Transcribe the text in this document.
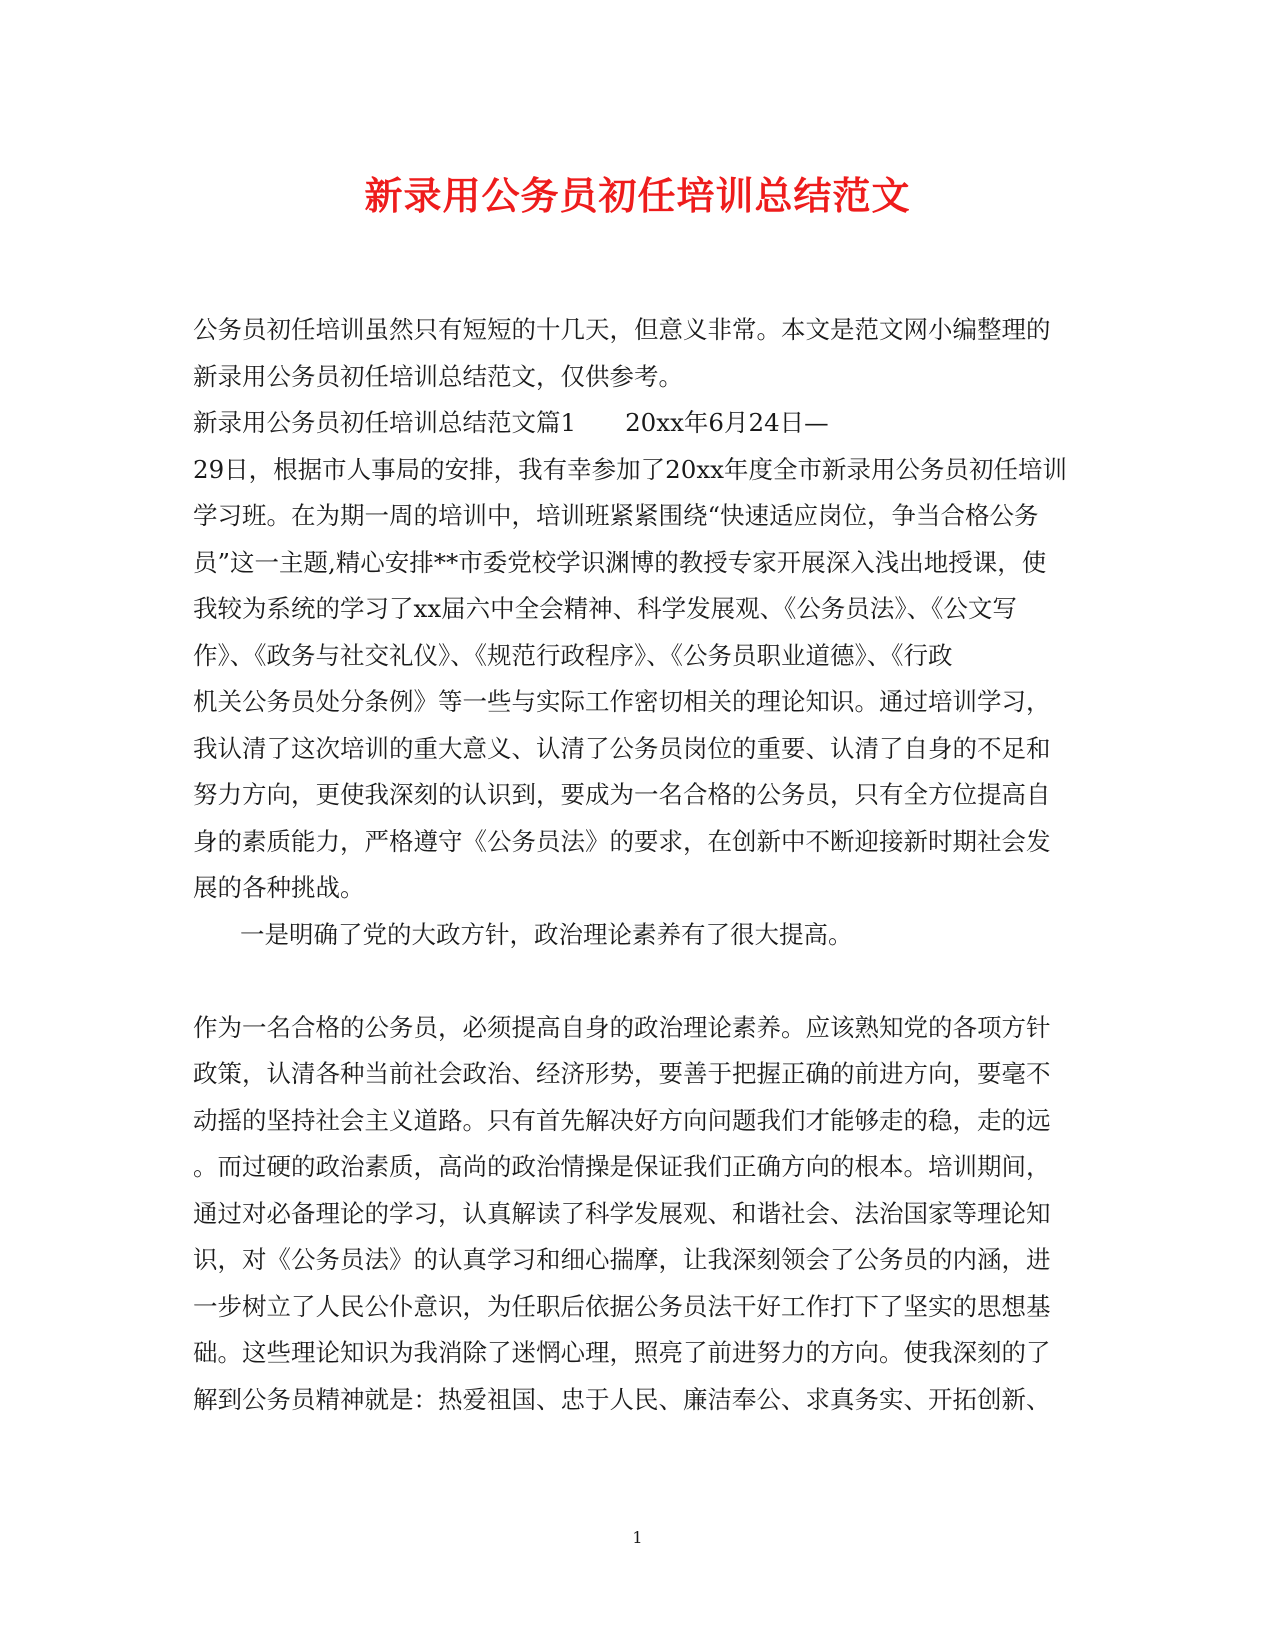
新录用公务员初任培训总结范文
公务员初任培训虽然只有短短的十几天，但意义非常。本文是范文网小编整理的
新录用公务员初任培训总结范文，仅供参考。
新录用公务员初任培训总结范文篇1　　20xx年6月24日—
29日，根据市人事局的安排，我有幸参加了20xx年度全市新录用公务员初任培训
学习班。在为期一周的培训中，培训班紧紧围绕“快速适应岗位，争当合格公务
员”这一主题,精心安排**市委党校学识渊博的教授专家开展深入浅出地授课，使
我较为系统的学习了xx届六中全会精神、科学发展观、《公务员法》、《公文写
作》、《政务与社交礼仪》、《规范行政程序》、《公务员职业道德》、《行政
机关公务员处分条例》等一些与实际工作密切相关的理论知识。通过培训学习，
我认清了这次培训的重大意义、认清了公务员岗位的重要、认清了自身的不足和
努力方向，更使我深刻的认识到，要成为一名合格的公务员，只有全方位提高自
身的素质能力，严格遵守《公务员法》的要求，在创新中不断迎接新时期社会发
展的各种挑战。
一是明确了党的大政方针，政治理论素养有了很大提高。
作为一名合格的公务员，必须提高自身的政治理论素养。应该熟知党的各项方针
政策，认清各种当前社会政治、经济形势，要善于把握正确的前进方向，要毫不
动摇的坚持社会主义道路。只有首先解决好方向问题我们才能够走的稳，走的远
。而过硬的政治素质，高尚的政治情操是保证我们正确方向的根本。培训期间，
通过对必备理论的学习，认真解读了科学发展观、和谐社会、法治国家等理论知
识，对《公务员法》的认真学习和细心揣摩，让我深刻领会了公务员的内涵，进
一步树立了人民公仆意识，为任职后依据公务员法干好工作打下了坚实的思想基
础。这些理论知识为我消除了迷惘心理，照亮了前进努力的方向。使我深刻的了
解到公务员精神就是：热爱祖国、忠于人民、廉洁奉公、求真务实、开拓创新、
1
